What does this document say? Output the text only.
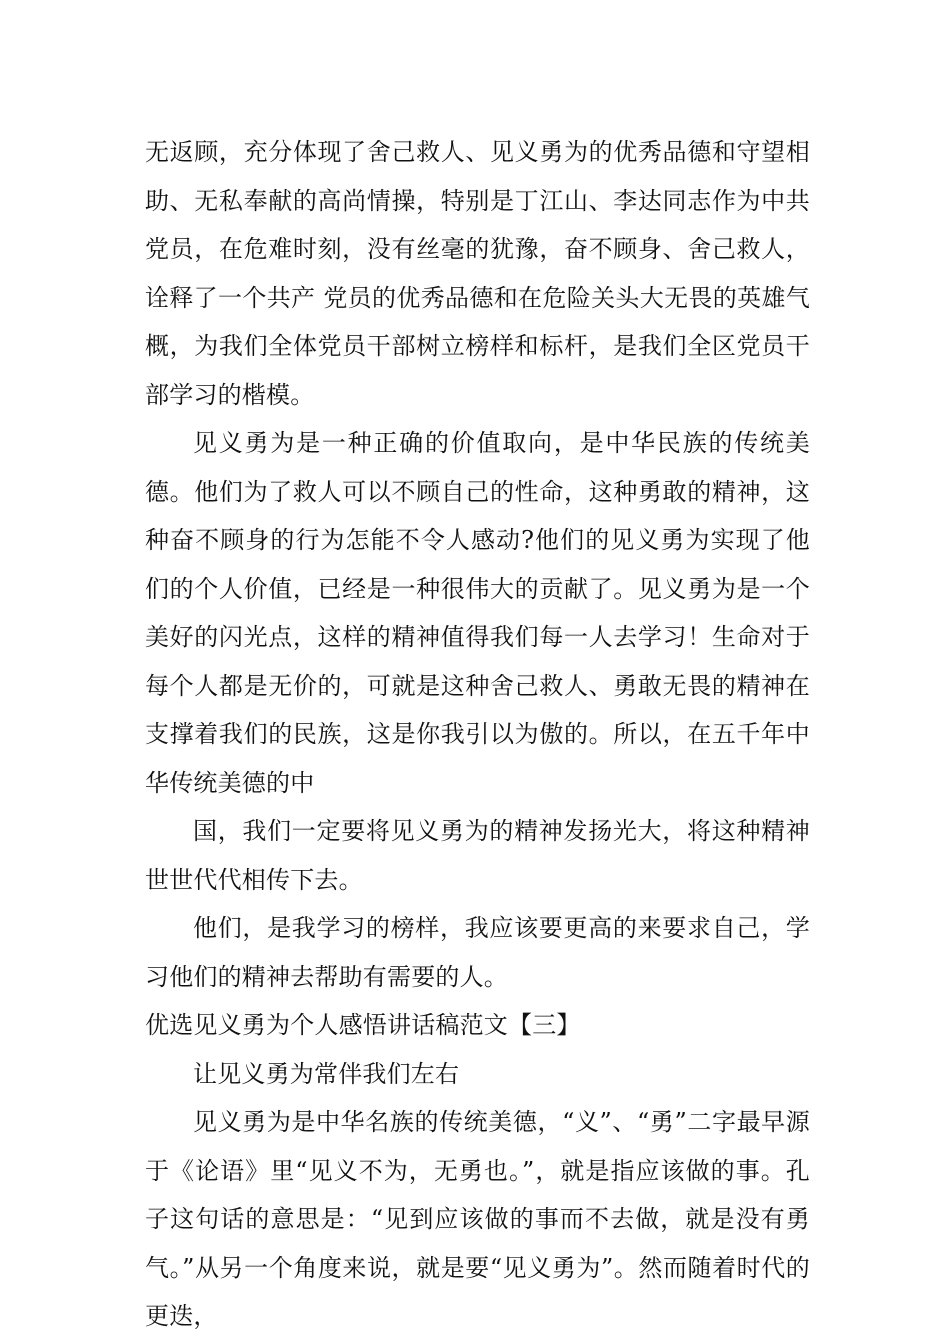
无返顾，充分体现了舍己救人、见义勇为的优秀品德和守望相助、无私奉献的高尚情操，特别是丁江山、李达同志作为中共党员，在危难时刻，没有丝毫的犹豫，奋不顾身、舍己救人，诠释了一个共产 党员的优秀品德和在危险关头大无畏的英雄气概，为我们全体党员干部树立榜样和标杆，是我们全区党员干部学习的楷模。

见义勇为是一种正确的价值取向，是中华民族的传统美德。他们为了救人可以不顾自己的性命，这种勇敢的精神，这种奋不顾身的行为怎能不令人感动?他们的见义勇为实现了他们的个人价值，已经是一种很伟大的贡献了。见义勇为是一个美好的闪光点，这样的精神值得我们每一人去学习！生命对于每个人都是无价的，可就是这种舍己救人、勇敢无畏的精神在支撑着我们的民族，这是你我引以为傲的。所以，在五千年中华传统美德的中

国，我们一定要将见义勇为的精神发扬光大，将这种精神世世代代相传下去。

他们，是我学习的榜样，我应该要更高的来要求自己，学习他们的精神去帮助有需要的人。

优选见义勇为个人感悟讲话稿范文【三】

让见义勇为常伴我们左右

见义勇为是中华名族的传统美德，“义”、“勇”二字最早源于《论语》里“见义不为，无勇也。”，就是指应该做的事。孔子这句话的意思是：“见到应该做的事而不去做，就是没有勇气。”从另一个角度来说，就是要“见义勇为”。然而随着时代的更迭，
